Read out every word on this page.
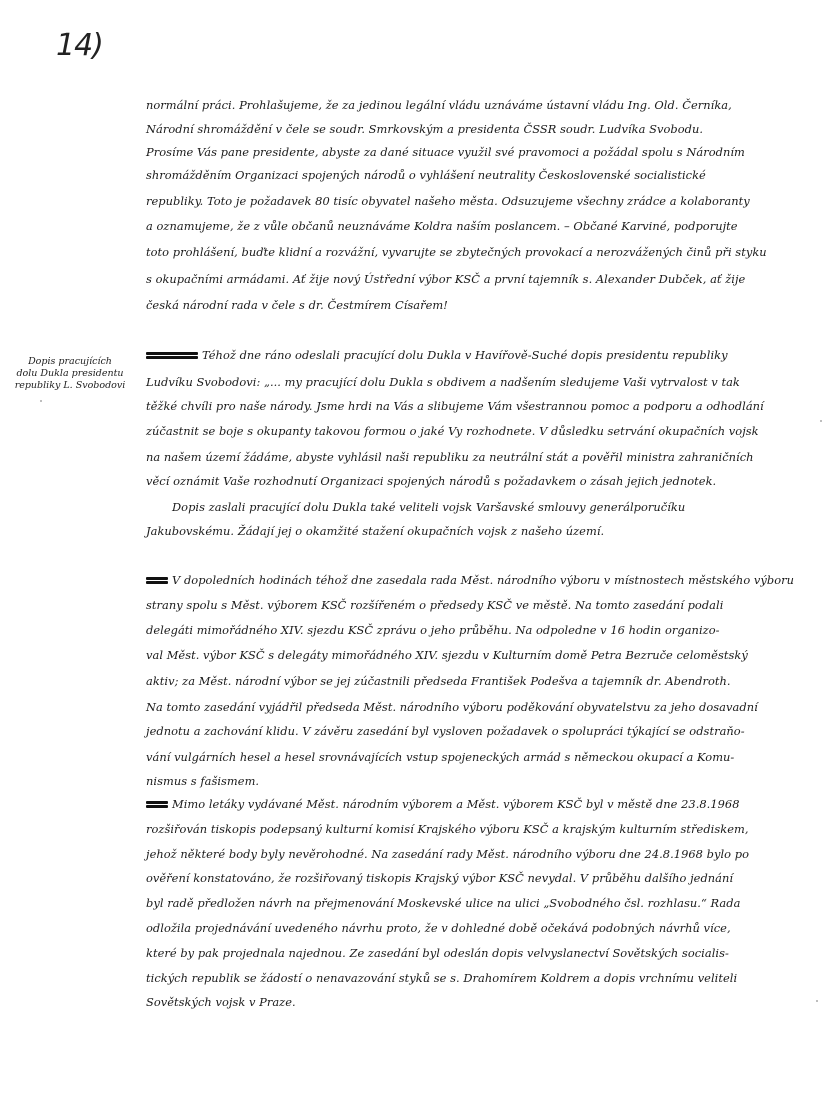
14)
Dopis pracujících
dolu Dukla presidentu
republiky L. Svobodovi
normální práci. Prohlašujeme, že za jedinou legální vládu uznáváme ústavní vládu Ing. Old. Černíka,
Národní shromáždění v čele se soudr. Smrkovským a presidenta ČSSR soudr. Ludvíka Svobodu.
Prosíme Vás pane presidente, abyste za dané situace využil své pravomoci a požádal spolu s Národním
shromážděním Organizaci spojených národů o vyhlášení neutrality Československé socialistické
republiky. Toto je požadavek 80 tisíc obyvatel našeho města. Odsuzujeme všechny zrádce a kolaboranty
a oznamujeme, že z vůle občanů neuznáváme Koldra naším poslancem. – Občané Karviné, podporujte
toto prohlášení, buďte klidní a rozvážní, vyvarujte se zbytečných provokací a nerozvážených činů při styku
s okupačními armádami. Ať žije nový Ústřední výbor KSČ a první tajemník s. Alexander Dubček, ať žije
česká národní rada v čele s dr. Čestmírem Císařem!
Téhož dne ráno odeslali pracující dolu Dukla v Havířově-Suché dopis presidentu republiky
Ludvíku Svobodovi: „... my pracující dolu Dukla s obdivem a nadšením sledujeme Vaši vytrvalost v tak
těžké chvíli pro naše národy. Jsme hrdi na Vás a slibujeme Vám všestrannou pomoc a podporu a odhodlání
zúčastnit se boje s okupanty takovou formou o jaké Vy rozhodnete. V důsledku setrvání okupačních vojsk
na našem území žádáme, abyste vyhlásil naši republiku za neutrální stát a pověřil ministra zahraničních
věcí oznámit Vaše rozhodnutí Organizaci spojených národů s požadavkem o zásah jejich jednotek.
Dopis zaslali pracující dolu Dukla také veliteli vojsk Varšavské smlouvy generálporučíku
Jakubovskému. Žádají jej o okamžité stažení okupačních vojsk z našeho území.
V dopoledních hodinách téhož dne zasedala rada Měst. národního výboru v místnostech městského výboru
strany spolu s Měst. výborem KSČ rozšířeném o předsedy KSČ ve městě. Na tomto zasedání podali
delegáti mimořádného XIV. sjezdu KSČ zprávu o jeho průběhu. Na odpoledne v 16 hodin organizo-
val Měst. výbor KSČ s delegáty mimořádného XIV. sjezdu v Kulturním domě Petra Bezruče celoměstský
aktiv; za Měst. národní výbor se jej zúčastnili předseda František Podešva a tajemník dr. Abendroth.
Na tomto zasedání vyjádřil předseda Měst. národního výboru poděkování obyvatelstvu za jeho dosavadní
jednotu a zachování klidu. V závěru zasedání byl vysloven požadavek o spolupráci týkající se odstraňo-
vání vulgárních hesel a hesel srovnávajících vstup spojeneckých armád s německou okupací a Komu-
nismus s fašismem.
Mimo letáky vydávané Měst. národním výborem a Měst. výborem KSČ byl v městě dne 23.8.1968
rozšiřován tiskopis podepsaný kulturní komisí Krajského výboru KSČ a krajským kulturním střediskem,
jehož některé body byly nevěrohodné. Na zasedání rady Měst. národního výboru dne 24.8.1968 bylo po
ověření konstatováno, že rozšiřovaný tiskopis Krajský výbor KSČ nevydal. V průběhu dalšího jednání
byl radě předložen návrh na přejmenování Moskevské ulice na ulici „Svobodného čsl. rozhlasu.“ Rada
odložila projednávání uvedeného návrhu proto, že v dohledné době očekává podobných návrhů více,
které by pak projednala najednou. Ze zasedání byl odeslán dopis velvyslanectví Sovětských socialis-
tických republik se žádostí o nenavazování styků se s. Drahomírem Koldrem a dopis vrchnímu veliteli
Sovětských vojsk v Praze.
